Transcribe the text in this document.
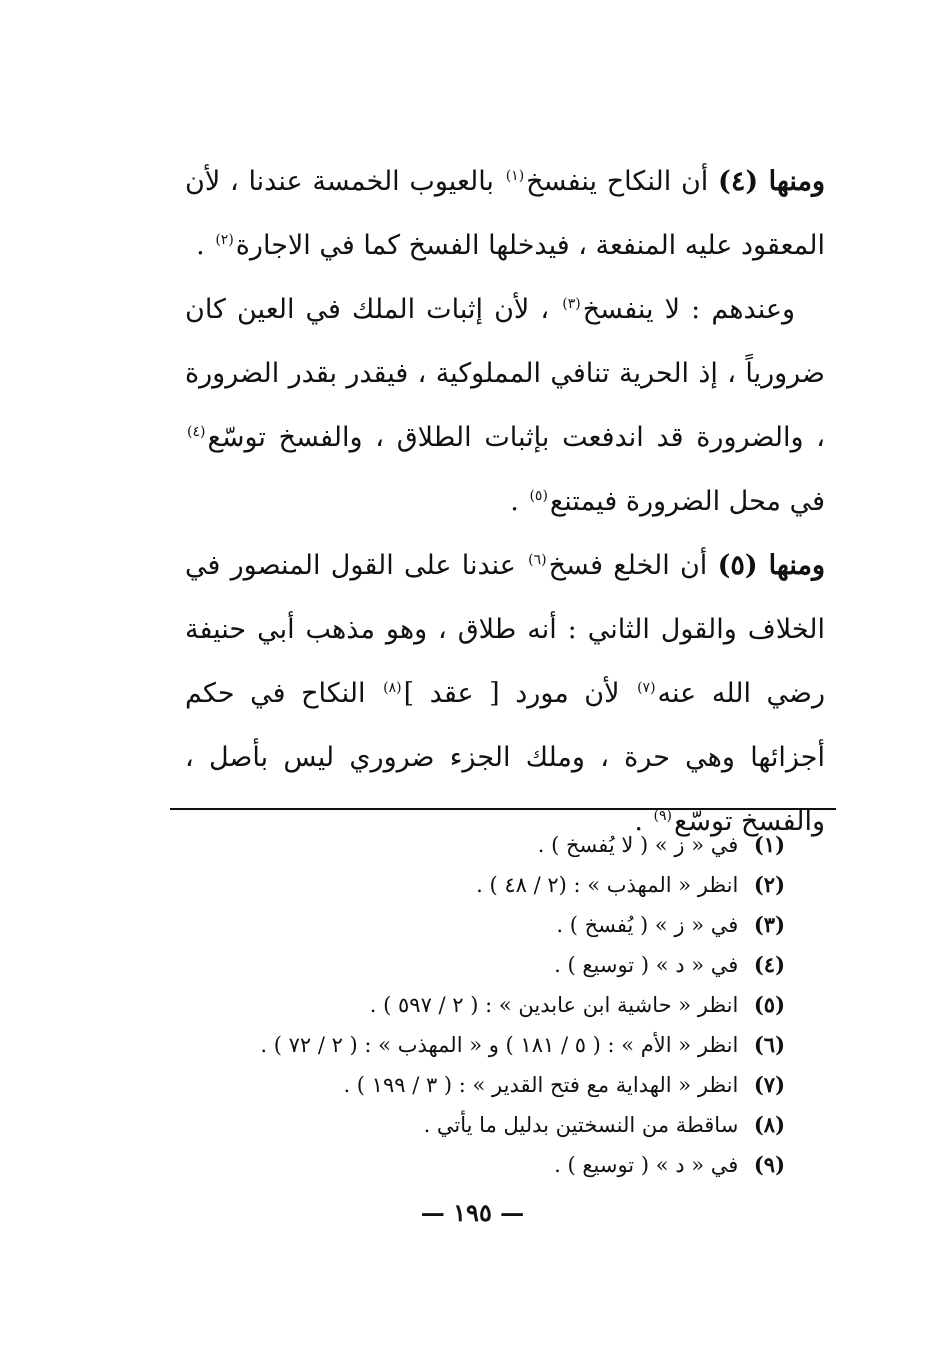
ومنها (٤) أن النكاح ينفسخ$^{(١)}$ بالعيوب الخمسة عندنا ، لأن المعقود عليه المنفعة ، فيدخلها الفسخ كما في الاجارة$^{(٢)}$ .

وعندهم : لا ينفسخ$^{(٣)}$ ، لأن إثبات الملك في العين كان ضرورياً ، إذ الحرية تنافي المملوكية ، فيقدر بقدر الضرورة ، والضرورة قد اندفعت بإثبات الطلاق ، والفسخ توسّع$^{(٤)}$ في محل الضرورة فيمتنع$^{(٥)}$ .

ومنها (٥) أن الخلع فسخ$^{(٦)}$ عندنا على القول المنصور في الخلاف والقول الثاني : أنه طلاق ، وهو مذهب أبي حنيفة رضي الله عنه$^{(٧)}$ لأن مورد [ عقد ]$^{(٨)}$ النكاح في حكم أجزائها وهي حرة ، وملك الجزء ضروري ليس بأصل ، والفسخ توسّع$^{(٩)}$ .

(١) في « ز » ( لا يُفسخ ) .
(٢) انظر « المهذب » : (٢ / ٤٨ ) .
(٣) في « ز » ( يُفسخ ) .
(٤) في « د » ( توسيع ) .
(٥) انظر « حاشية ابن عابدين » : ( ٢ / ٥٩٧ ) .
(٦) انظر « الأم » : ( ٥ / ١٨١ ) و « المهذب » : ( ٢ / ٧٢ ) .
(٧) انظر « الهداية مع فتح القدير » : ( ٣ / ١٩٩ ) .
(٨) ساقطة من النسختين بدليل ما يأتي .
(٩) في « د » ( توسيع ) .
— ١٩٥ —
